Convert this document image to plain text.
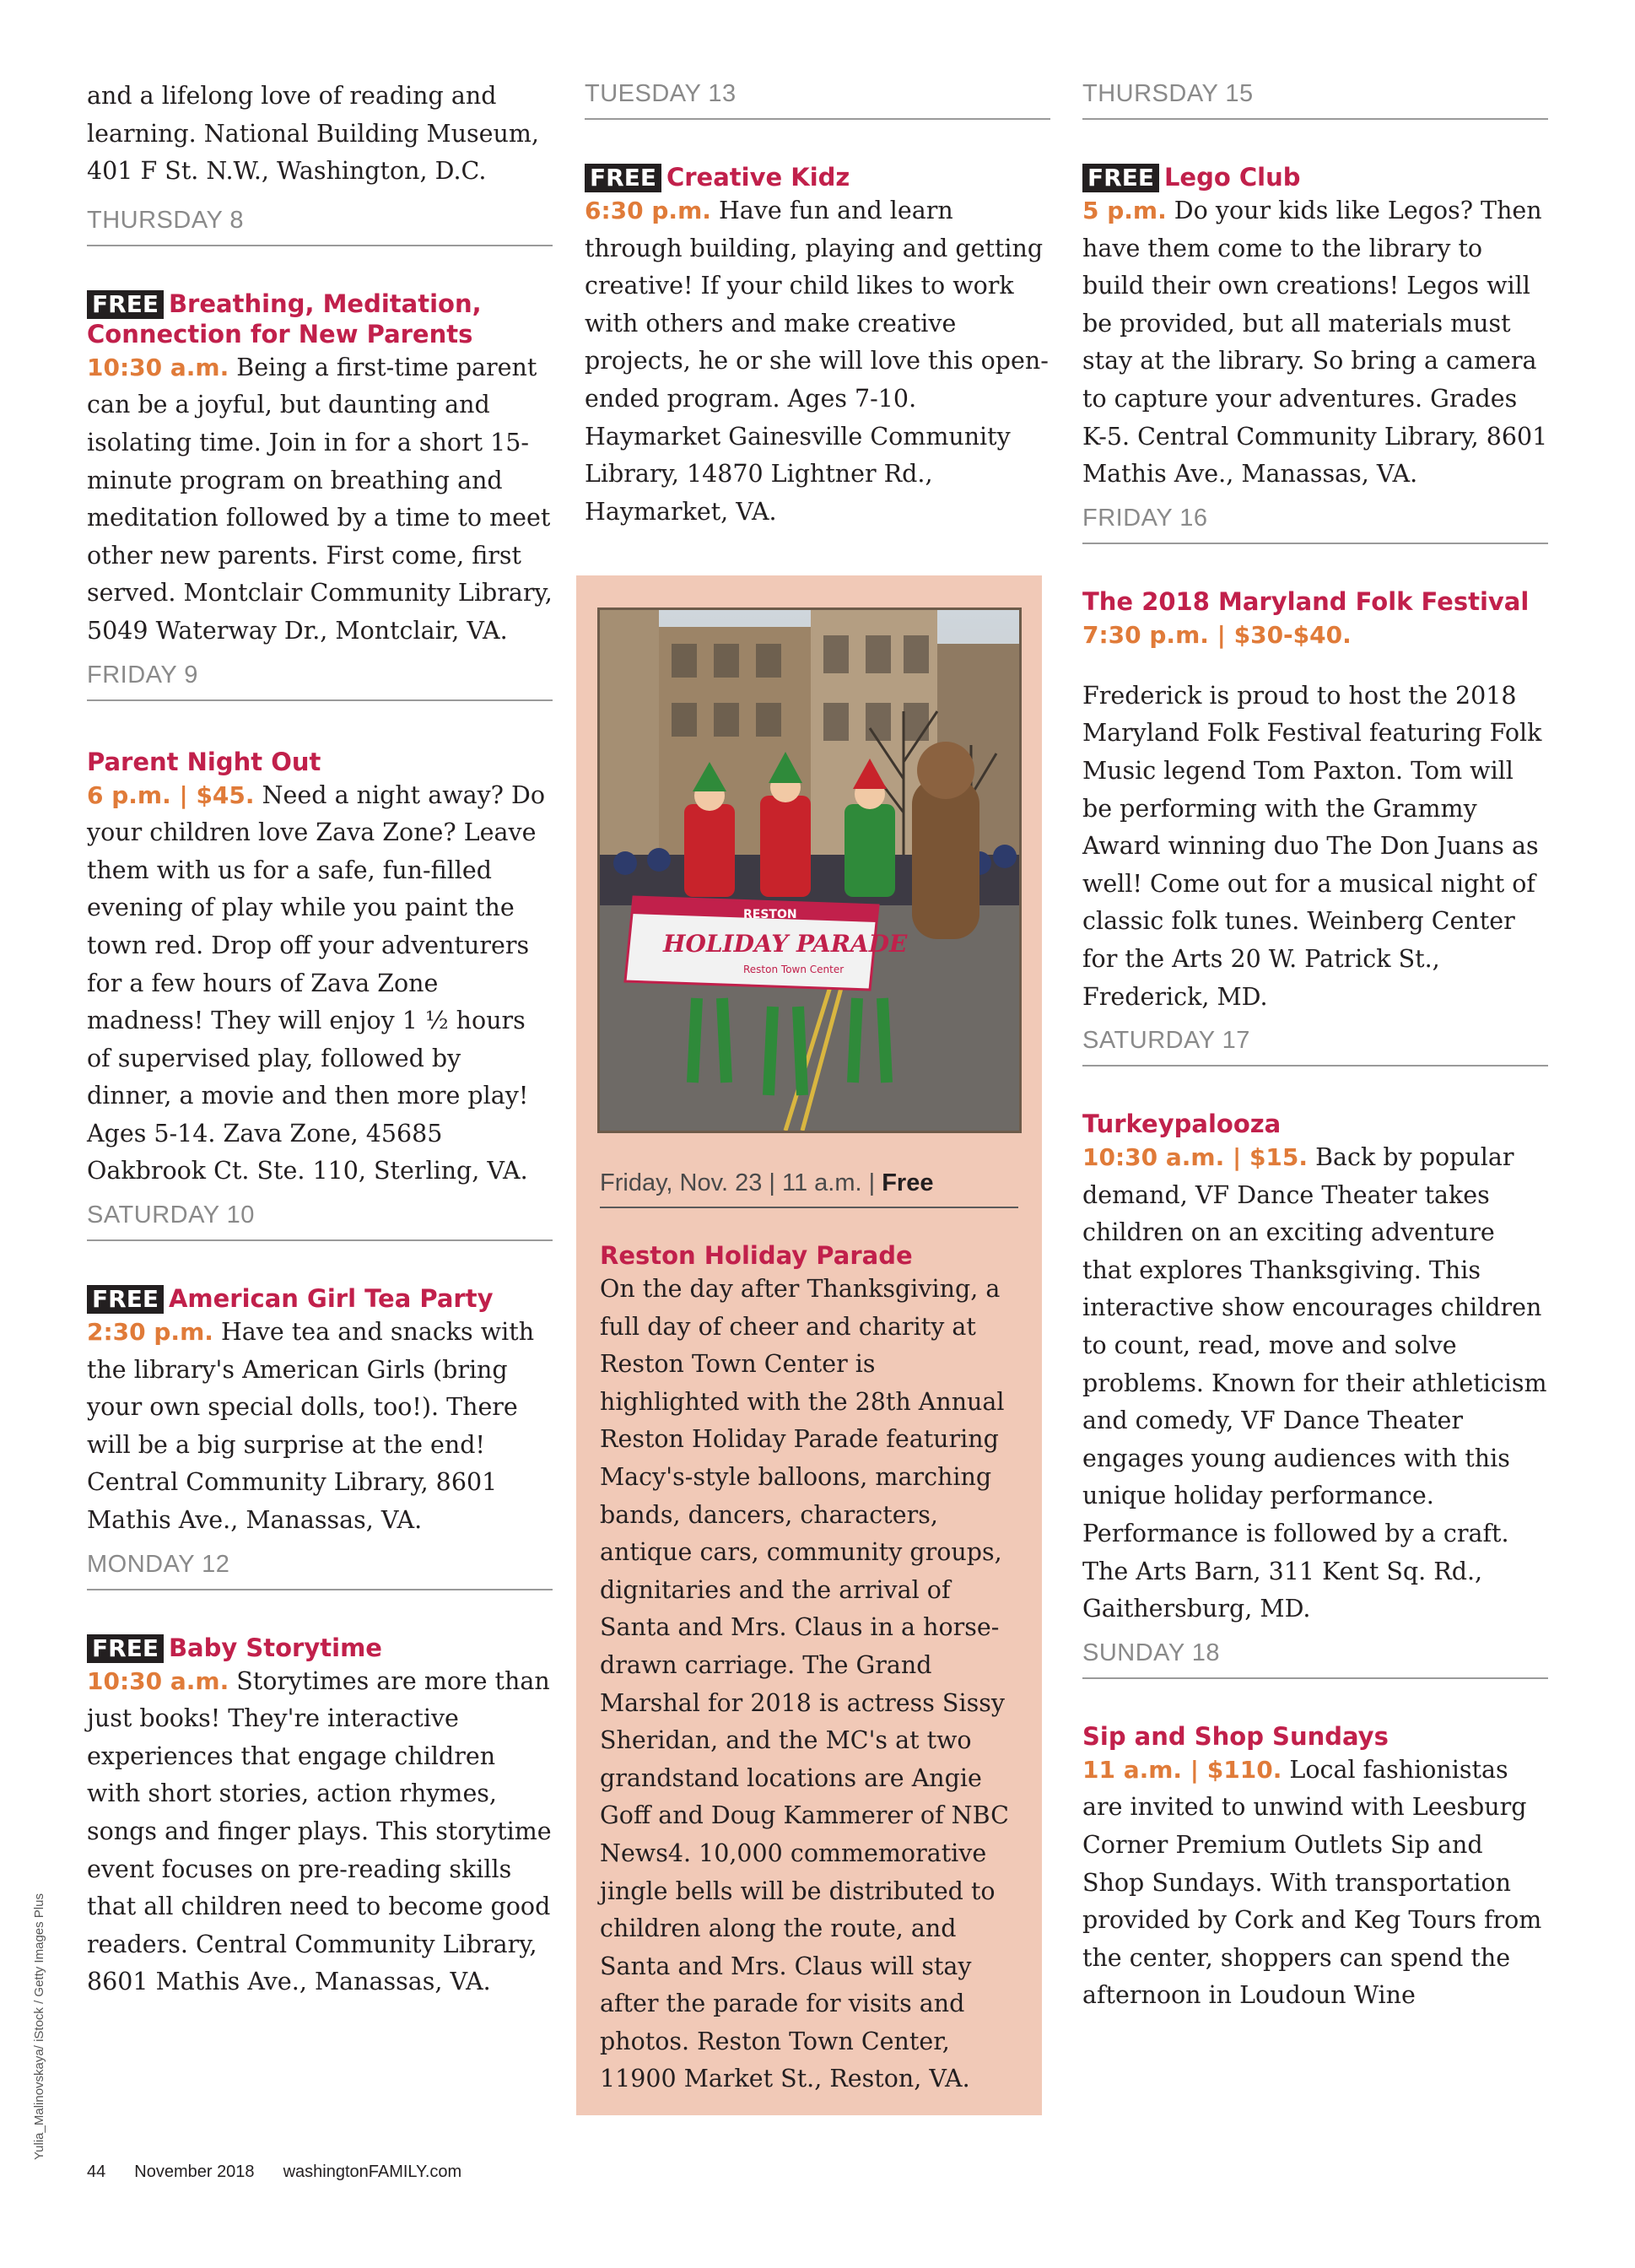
and a lifelong love of reading and learning. National Building Museum, 401 F St. N.W., Washington, D.C.

THURSDAY 8

FREE Breathing, Meditation, Connection for New Parents

10:30 a.m. Being a first-time parent can be a joyful, but daunting and isolating time. Join in for a short 15-minute program on breathing and meditation followed by a time to meet other new parents. First come, first served. Montclair Community Library, 5049 Waterway Dr., Montclair, VA.

FRIDAY 9

Parent Night Out

6 p.m. | $45. Need a night away? Do your children love Zava Zone? Leave them with us for a safe, fun-filled evening of play while you paint the town red. Drop off your adventurers for a few hours of Zava Zone madness! They will enjoy 1 ½ hours of supervised play, followed by dinner, a movie and then more play! Ages 5-14. Zava Zone, 45685 Oakbrook Ct. Ste. 110, Sterling, VA.

SATURDAY 10

FREE American Girl Tea Party

2:30 p.m. Have tea and snacks with the library's American Girls (bring your own special dolls, too!). There will be a big surprise at the end! Central Community Library, 8601 Mathis Ave., Manassas, VA.

MONDAY 12

FREE Baby Storytime

10:30 a.m. Storytimes are more than just books! They're interactive experiences that engage children with short stories, action rhymes, songs and finger plays. This storytime event focuses on pre-reading skills that all children need to become good readers. Central Community Library, 8601 Mathis Ave., Manassas, VA.

TUESDAY 13

FREE Creative Kidz

6:30 p.m. Have fun and learn through building, playing and getting creative! If your child likes to work with others and make creative projects, he or she will love this open-ended program. Ages 7-10. Haymarket Gainesville Community Library, 14870 Lightner Rd., Haymarket, VA.

RESTON
HOLIDAY PARADE
Reston Town Center
Friday, Nov. 23 | 11 a.m. | Free
Reston Holiday Parade

On the day after Thanksgiving, a full day of cheer and charity at Reston Town Center is highlighted with the 28th Annual Reston Holiday Parade featuring Macy's-style balloons, marching bands, dancers, characters, antique cars, community groups, dignitaries and the arrival of Santa and Mrs. Claus in a horse-drawn carriage. The Grand Marshal for 2018 is actress Sissy Sheridan, and the MC's at two grandstand locations are Angie Goff and Doug Kammerer of NBC News4. 10,000 commemorative jingle bells will be distributed to children along the route, and Santa and Mrs. Claus will stay after the parade for visits and photos. Reston Town Center, 11900 Market St., Reston, VA.

THURSDAY 15

FREE Lego Club

5 p.m. Do your kids like Legos? Then have them come to the library to build their own creations! Legos will be provided, but all materials must stay at the library. So bring a camera to capture your adventures. Grades K-5. Central Community Library, 8601 Mathis Ave., Manassas, VA.

FRIDAY 16

The 2018 Maryland Folk Festival
7:30 p.m. | $30-$40.

Frederick is proud to host the 2018 Maryland Folk Festival featuring Folk Music legend Tom Paxton. Tom will be performing with the Grammy Award winning duo The Don Juans as well! Come out for a musical night of classic folk tunes. Weinberg Center for the Arts 20 W. Patrick St., Frederick, MD.

SATURDAY 17

Turkeypalooza

10:30 a.m. | $15. Back by popular demand, VF Dance Theater takes children on an exciting adventure that explores Thanksgiving. This interactive show encourages children to count, read, move and solve problems. Known for their athleticism and comedy, VF Dance Theater engages young audiences with this unique holiday performance. Performance is followed by a craft. The Arts Barn, 311 Kent Sq. Rd., Gaithersburg, MD.

SUNDAY 18

Sip and Shop Sundays

11 a.m. | $110. Local fashionistas are invited to unwind with Leesburg Corner Premium Outlets Sip and Shop Sundays. With transportation provided by Cork and Keg Tours from the center, shoppers can spend the afternoon in Loudoun Wine

44 November 2018 washingtonFAMILY.com
Yulia_Malinovskaya/ iStock / Getty Images Plus
